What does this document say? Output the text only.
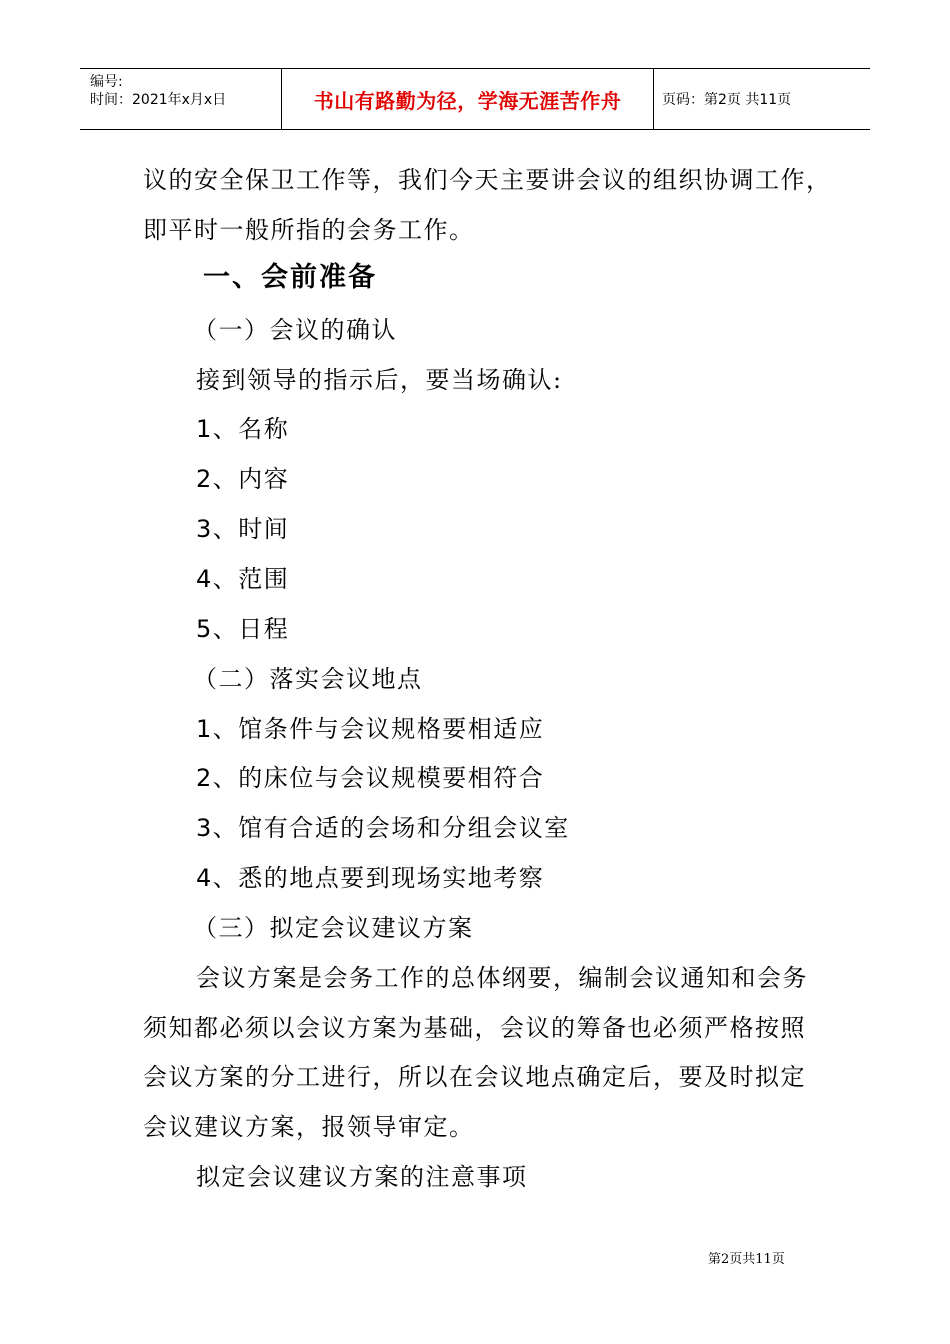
编号:
时间：2021年x月x日	书山有路勤为径，学海无涯苦作舟	页码：第2页 共11页
议的安全保卫工作等，我们今天主要讲会议的组织协调工作，
即平时一般所指的会务工作。
一、会前准备
（一）会议的确认
接到领导的指示后，要当场确认:
1、名称
2、内容
3、时间
4、范围
5、日程
（二）落实会议地点
1、馆条件与会议规格要相适应
2、的床位与会议规模要相符合
3、馆有合适的会场和分组会议室
4、悉的地点要到现场实地考察
（三）拟定会议建议方案
会议方案是会务工作的总体纲要，编制会议通知和会务
须知都必须以会议方案为基础，会议的筹备也必须严格按照
会议方案的分工进行，所以在会议地点确定后，要及时拟定
会议建议方案，报领导审定。
拟定会议建议方案的注意事项
第2页共11页
